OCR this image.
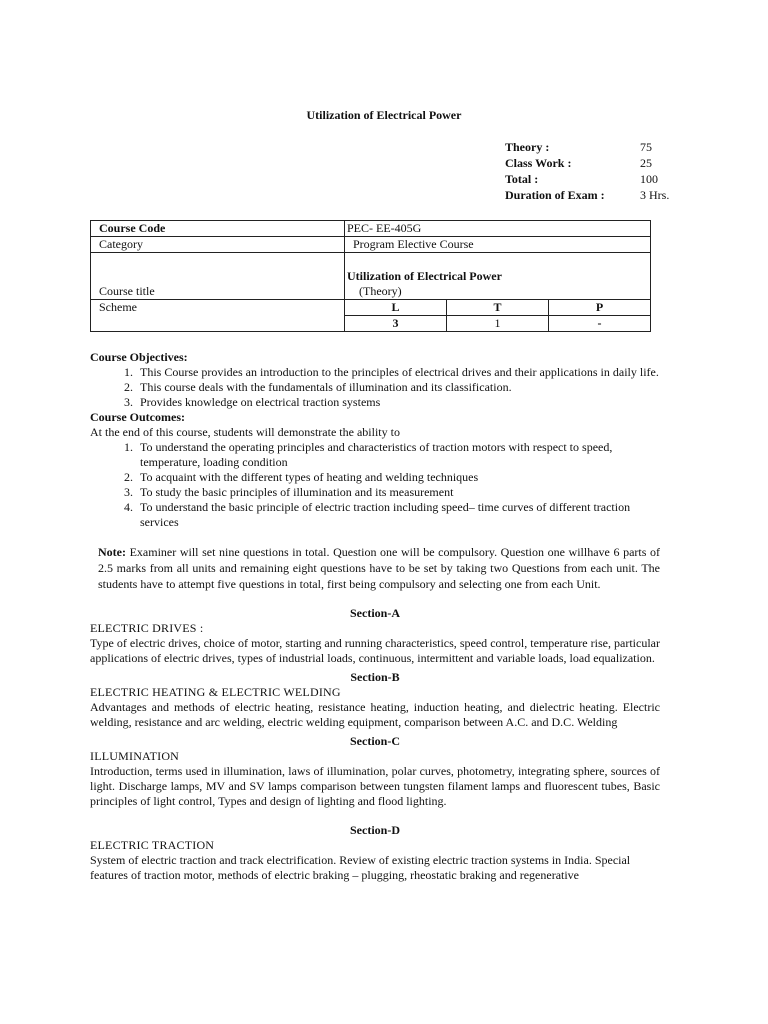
Utilization of Electrical Power
Theory :	75
Class Work :	25
Total :	100
Duration of Exam :	3 Hrs.
Course Code	PEC- EE-405G		
Category	Program Elective Course		
Course title	Utilization of Electrical Power
(Theory)		

Scheme	L	T	P
	3	1	-
Course Objectives:
1. This Course provides an introduction to the principles of electrical drives and their applications in daily life.
2. This course deals with the fundamentals of illumination and its classification.
3. Provides knowledge on electrical traction systems
Course Outcomes:
At the end of this course, students will demonstrate the ability to
1. To understand the operating principles and characteristics of traction motors with respect to speed, temperature, loading condition
2. To acquaint with the different types of heating and welding techniques
3. To study the basic principles of illumination and its measurement
4. To understand the basic principle of electric traction including speed– time curves of different traction services

Note: Examiner will set nine questions in total. Question one will be compulsory. Question one willhave 6 parts of 2.5 marks from all units and remaining eight questions have to be set by taking two Questions from each unit. The students have to attempt five questions in total, first being compulsory and selecting one from each Unit.

Section-A
ELECTRIC DRIVES :

Type of electric drives, choice of motor, starting and running characteristics, speed control, temperature rise, particular applications of electric drives, types of industrial loads, continuous, intermittent and variable loads, load equalization.

Section-B
ELECTRIC HEATING & ELECTRIC WELDING

Advantages and methods of electric heating, resistance heating, induction heating, and dielectric heating. Electric welding, resistance and arc welding, electric welding equipment, comparison between A.C. and D.C. Welding

Section-C
ILLUMINATION

Introduction, terms used in illumination, laws of illumination, polar curves, photometry, integrating sphere, sources of light. Discharge lamps, MV and SV lamps comparison between tungsten filament lamps and fluorescent tubes, Basic principles of light control, Types and design of lighting and flood lighting.

Section-D
ELECTRIC TRACTION

System of electric traction and track electrification. Review of existing electric traction systems in India. Special features of traction motor, methods of electric braking – plugging, rheostatic braking and regenerative
